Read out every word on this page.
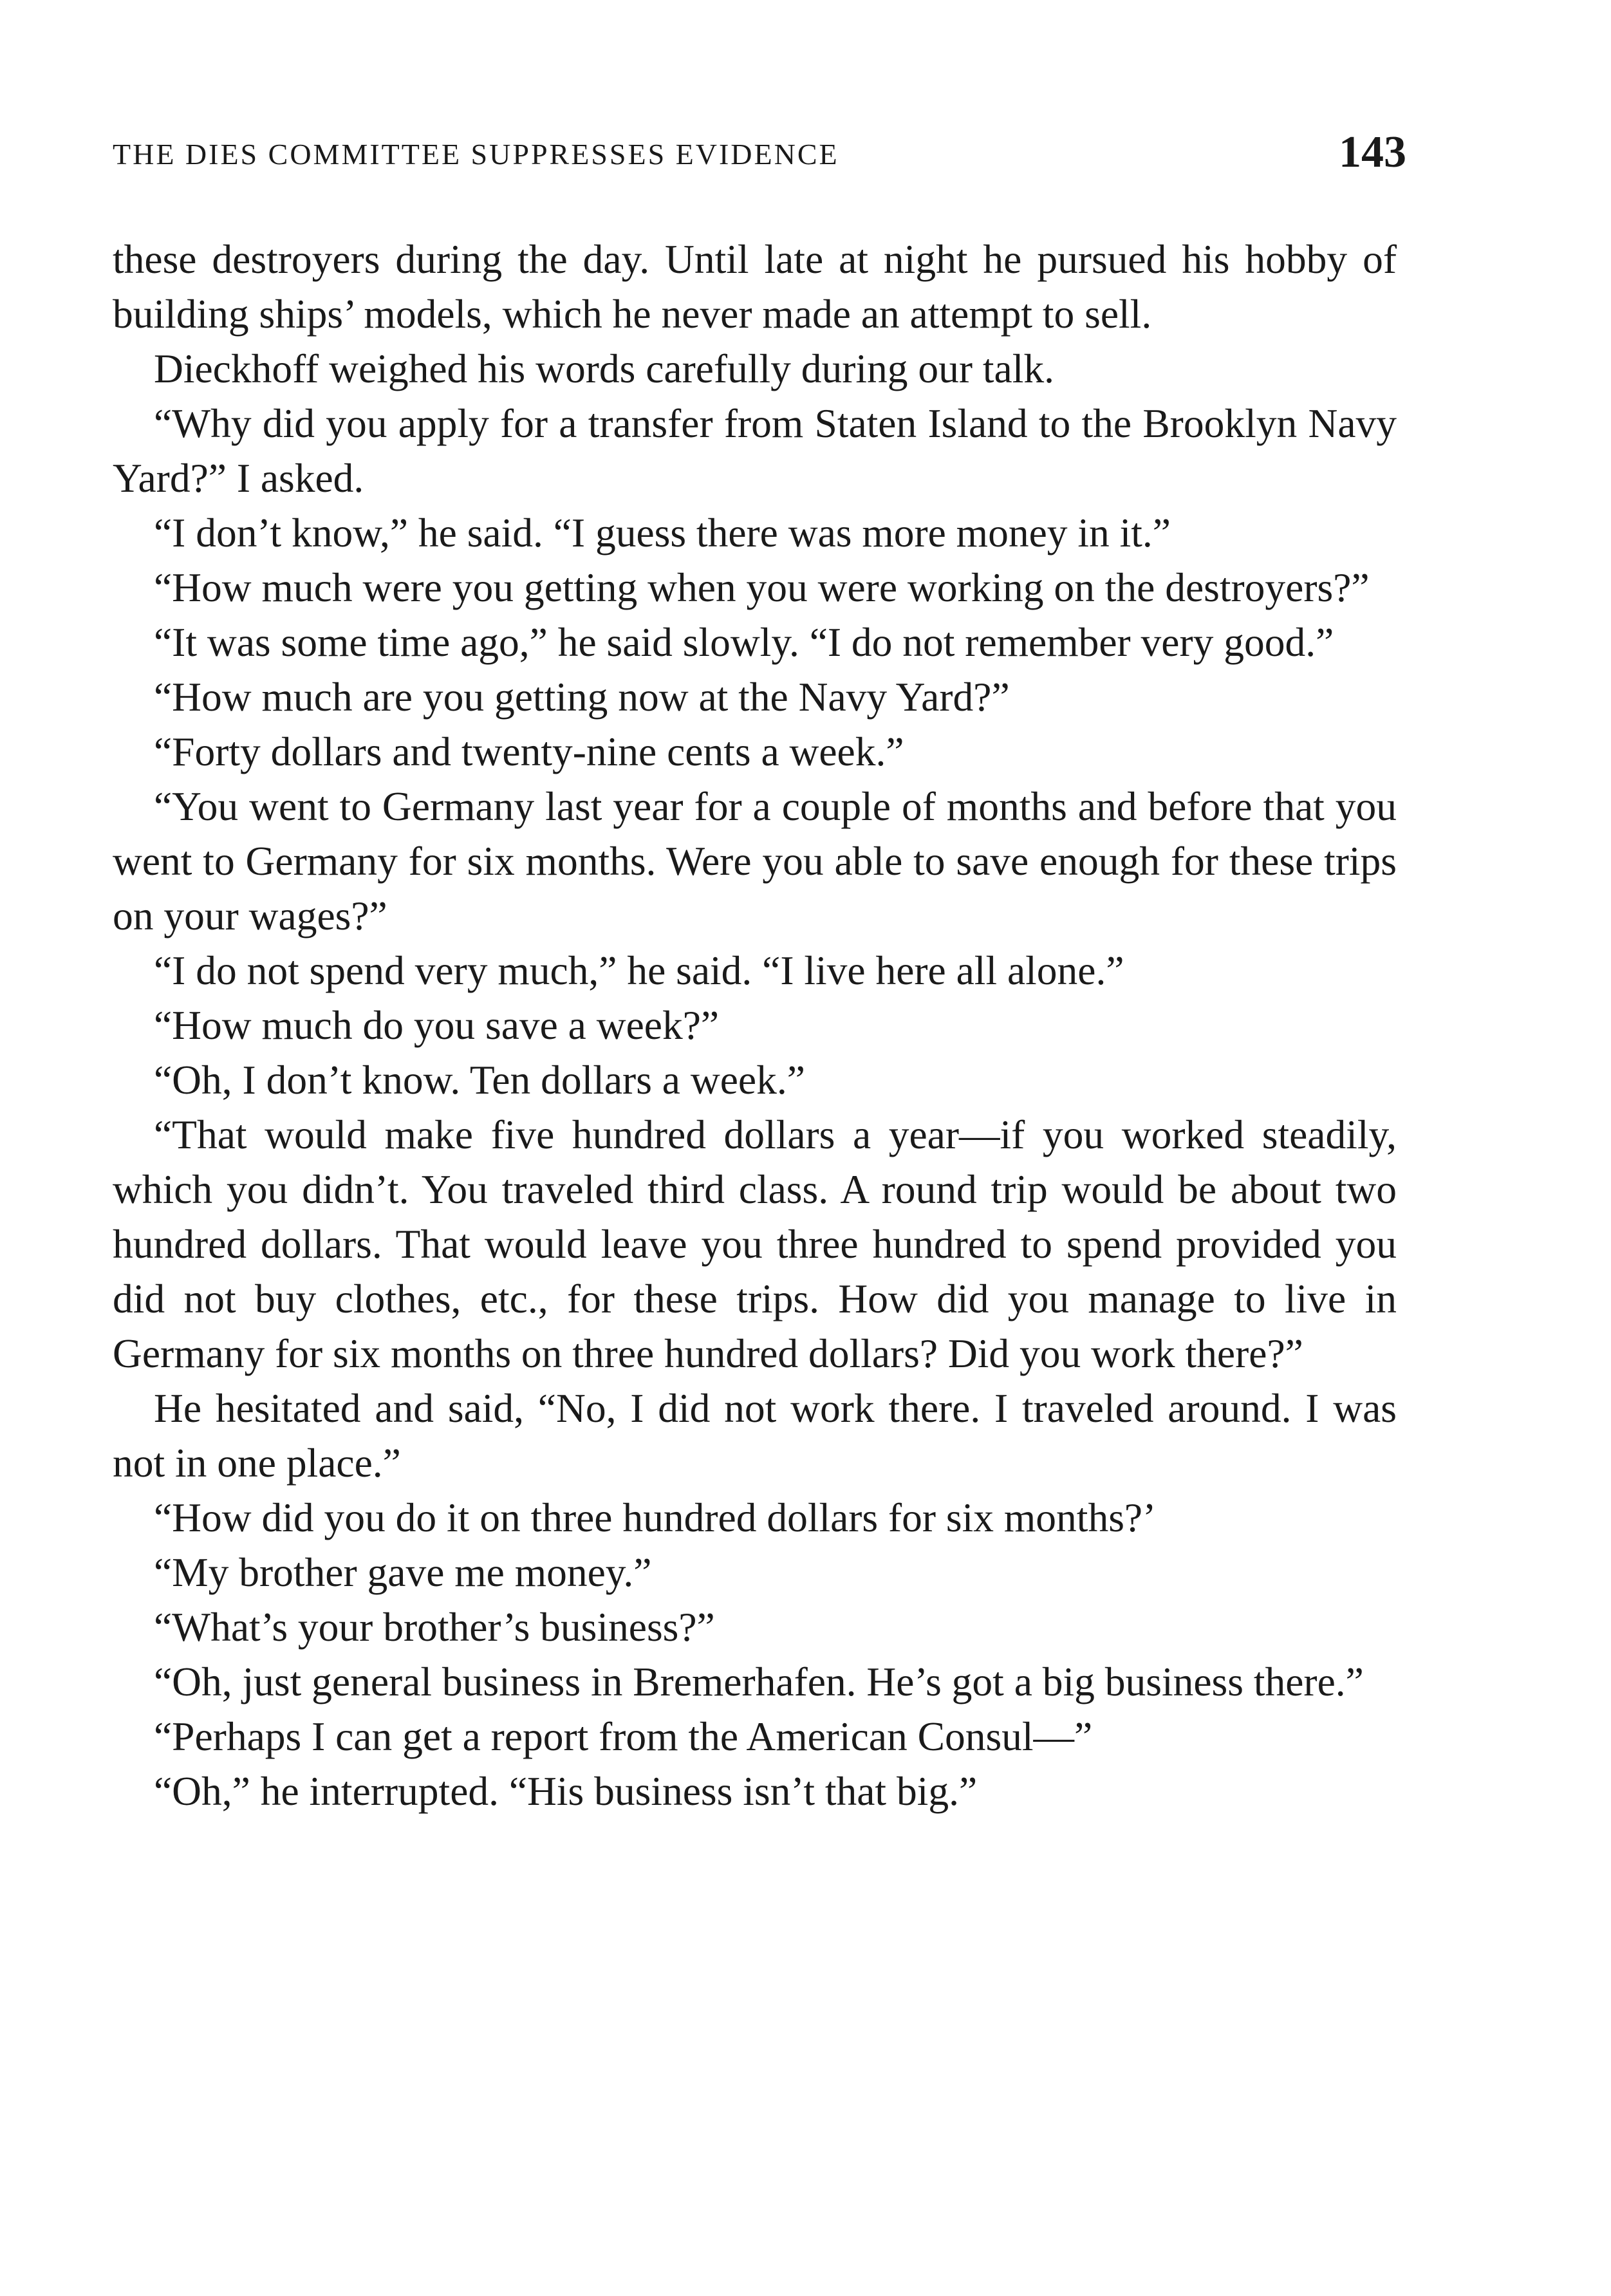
THE DIES COMMITTEE SUPPRESSES EVIDENCE	143

these destroyers during the day. Until late at night he pursued his hobby of building ships’ models, which he never made an attempt to sell.

Dieckhoff weighed his words carefully during our talk.

“Why did you apply for a transfer from Staten Island to the Brooklyn Navy Yard?” I asked.

“I don’t know,” he said. “I guess there was more money in it.”

“How much were you getting when you were working on the destroyers?”

“It was some time ago,” he said slowly. “I do not remember very good.”

“How much are you getting now at the Navy Yard?”

“Forty dollars and twenty-nine cents a week.”

“You went to Germany last year for a couple of months and before that you went to Germany for six months. Were you able to save enough for these trips on your wages?”

“I do not spend very much,” he said. “I live here all alone.”

“How much do you save a week?”

“Oh, I don’t know. Ten dollars a week.”

“That would make five hundred dollars a year—if you worked steadily, which you didn’t. You traveled third class. A round trip would be about two hundred dollars. That would leave you three hundred to spend provided you did not buy clothes, etc., for these trips. How did you manage to live in Germany for six months on three hundred dollars? Did you work there?”

He hesitated and said, “No, I did not work there. I traveled around. I was not in one place.”

“How did you do it on three hundred dollars for six months?’

“My brother gave me money.”

“What’s your brother’s business?”

“Oh, just general business in Bremerhafen. He’s got a big business there.”

“Perhaps I can get a report from the American Consul—”

“Oh,” he interrupted. “His business isn’t that big.”
